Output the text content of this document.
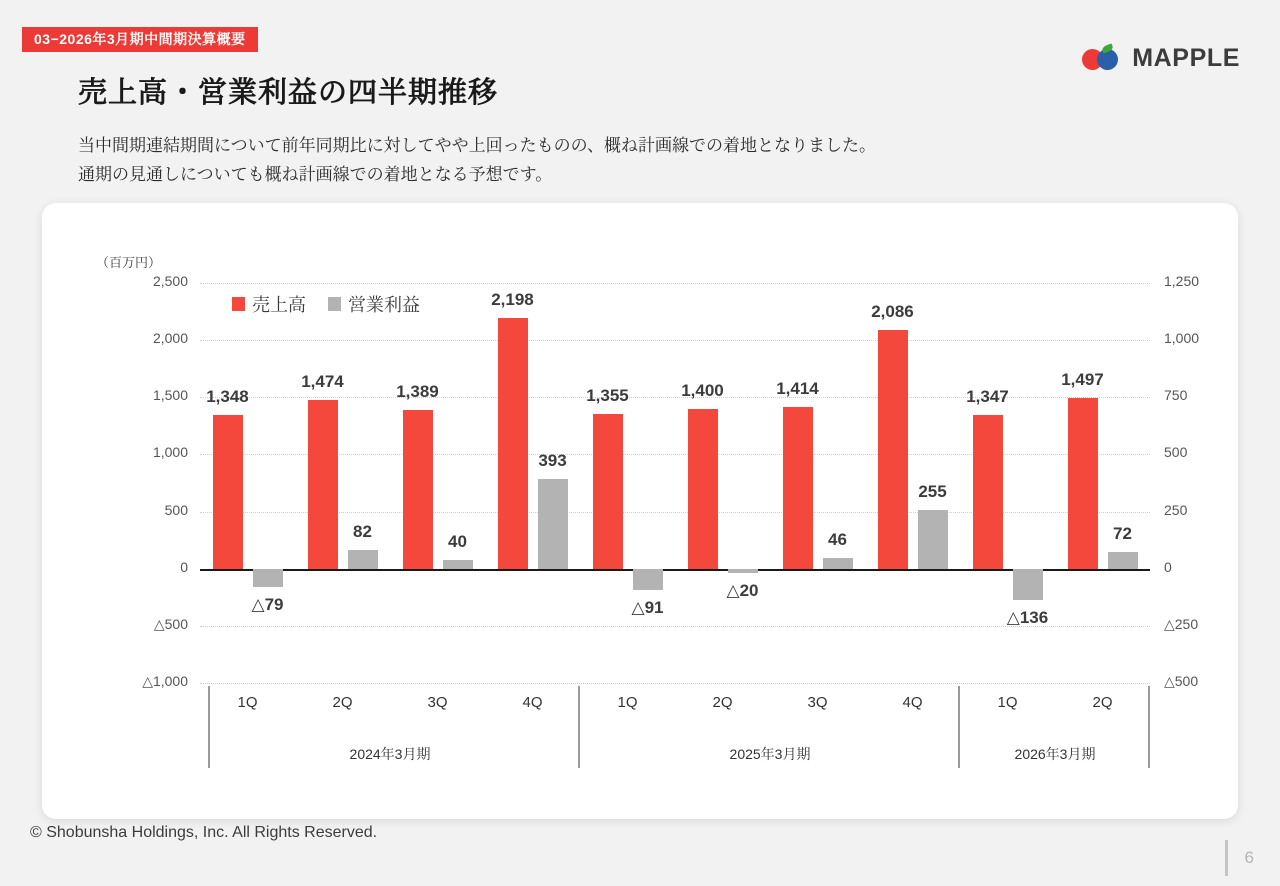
03−2026年3月期中間期決算概要
MAPPLE
売上高・営業利益の四半期推移
当中間期連結期間について前年同期比に対してやや上回ったものの、概ね計画線での着地となりました。
通期の見通しについても概ね計画線での着地となる予想です。
（百万円）
売上高 営業利益
2,500
2,000
1,500
1,000
500
0
△500
△1,000
1,250
1,000
750
500
250
0
△250
△500
1,348
△79
1,474
82
1,389
40
2,198
393
1,355
△91
1,400
△20
1,414
46
2,086
255
1,347
△136
1,497
72
1Q	2Q	3Q	4Q	1Q	2Q	3Q	4Q	1Q	2Q
2024年3月期	2025年3月期	2026年3月期
© Shobunsha Holdings, Inc. All Rights Reserved.
6
